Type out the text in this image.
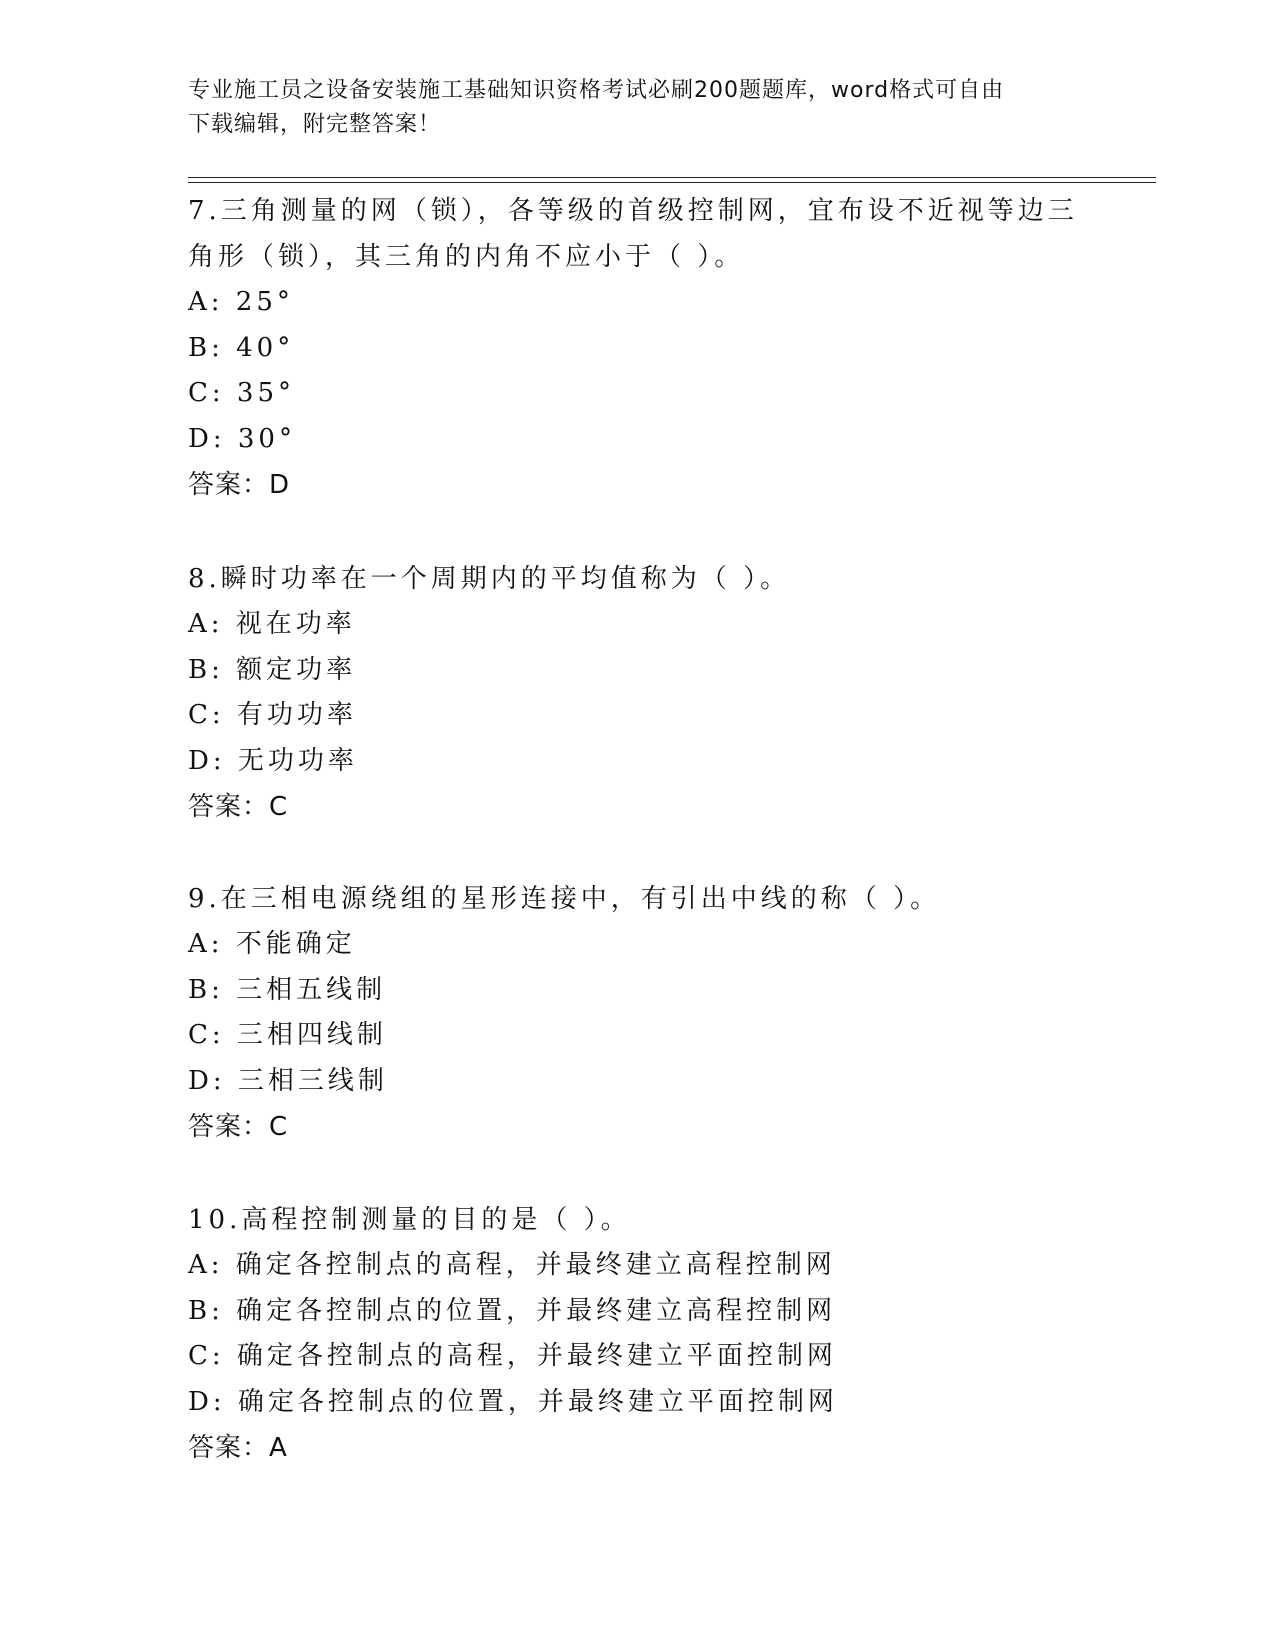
专业施工员之设备安装施工基础知识资格考试必刷200题题库，word格式可自由
下载编辑，附完整答案！
7.三角测量的网（锁），各等级的首级控制网，宜布设不近视等边三
角形（锁），其三角的内角不应小于（ ）。
A: 25°
B: 40°
C: 35°
D: 30°
答案：D
8.瞬时功率在一个周期内的平均值称为（ ）。
A: 视在功率
B: 额定功率
C: 有功功率
D: 无功功率
答案：C
9.在三相电源绕组的星形连接中，有引出中线的称（ ）。
A: 不能确定
B: 三相五线制
C: 三相四线制
D: 三相三线制
答案：C
10.高程控制测量的目的是（ ）。
A: 确定各控制点的高程，并最终建立高程控制网
B: 确定各控制点的位置，并最终建立高程控制网
C: 确定各控制点的高程，并最终建立平面控制网
D: 确定各控制点的位置，并最终建立平面控制网
答案：A
